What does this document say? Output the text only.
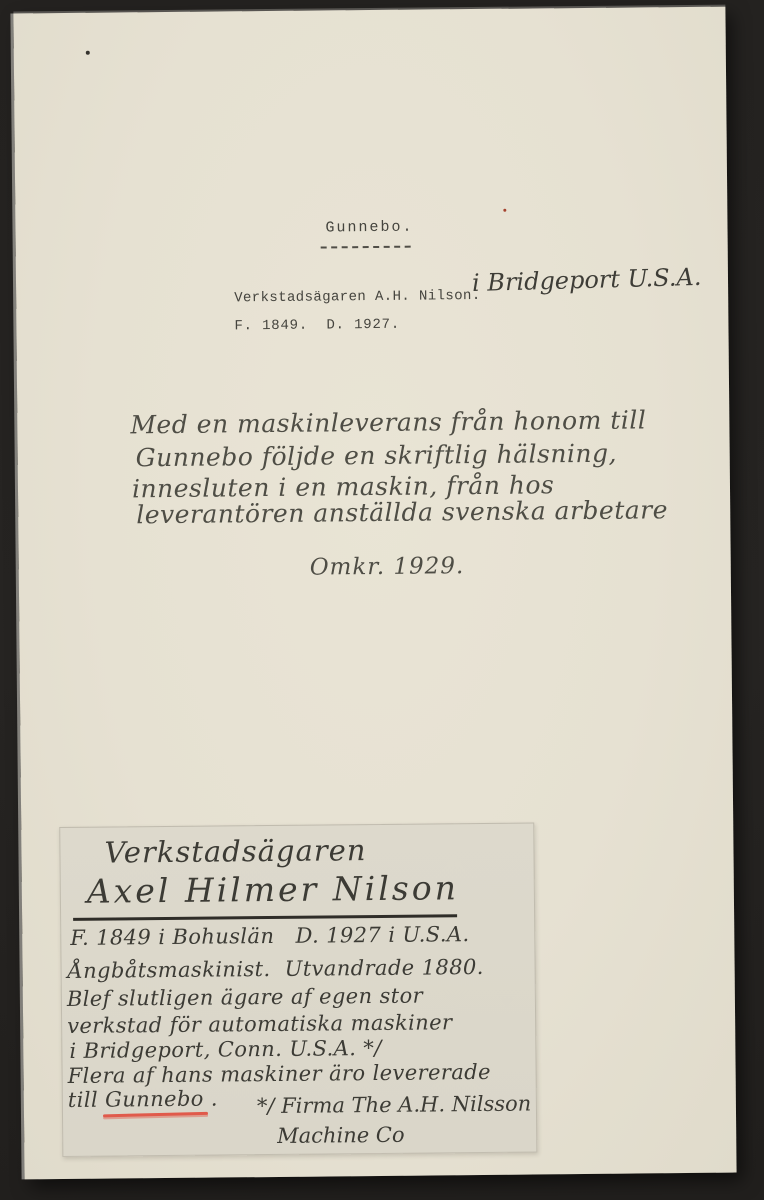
Gunnebo.
Verkstadsägaren A.H. Nilson.
i Bridgeport U.S.A.
F. 1849.  D. 1927.
Med en maskinleverans från honom till
Gunnebo följde en skriftlig hälsning,
innesluten i en maskin, från hos
leverantören anställda svenska arbetare
Omkr. 1929.
Verkstadsägaren
Axel Hilmer Nilson
F. 1849 i Bohuslän   D. 1927 i U.S.A.
Ångbåtsmaskinist.  Utvandrade 1880.
Blef slutligen ägare af egen stor
verkstad för automatiska maskiner
i Bridgeport, Conn. U.S.A. */
Flera af hans maskiner äro levererade
till Gunnebo
. */ Firma The A.H. Nilsson
Machine Co
